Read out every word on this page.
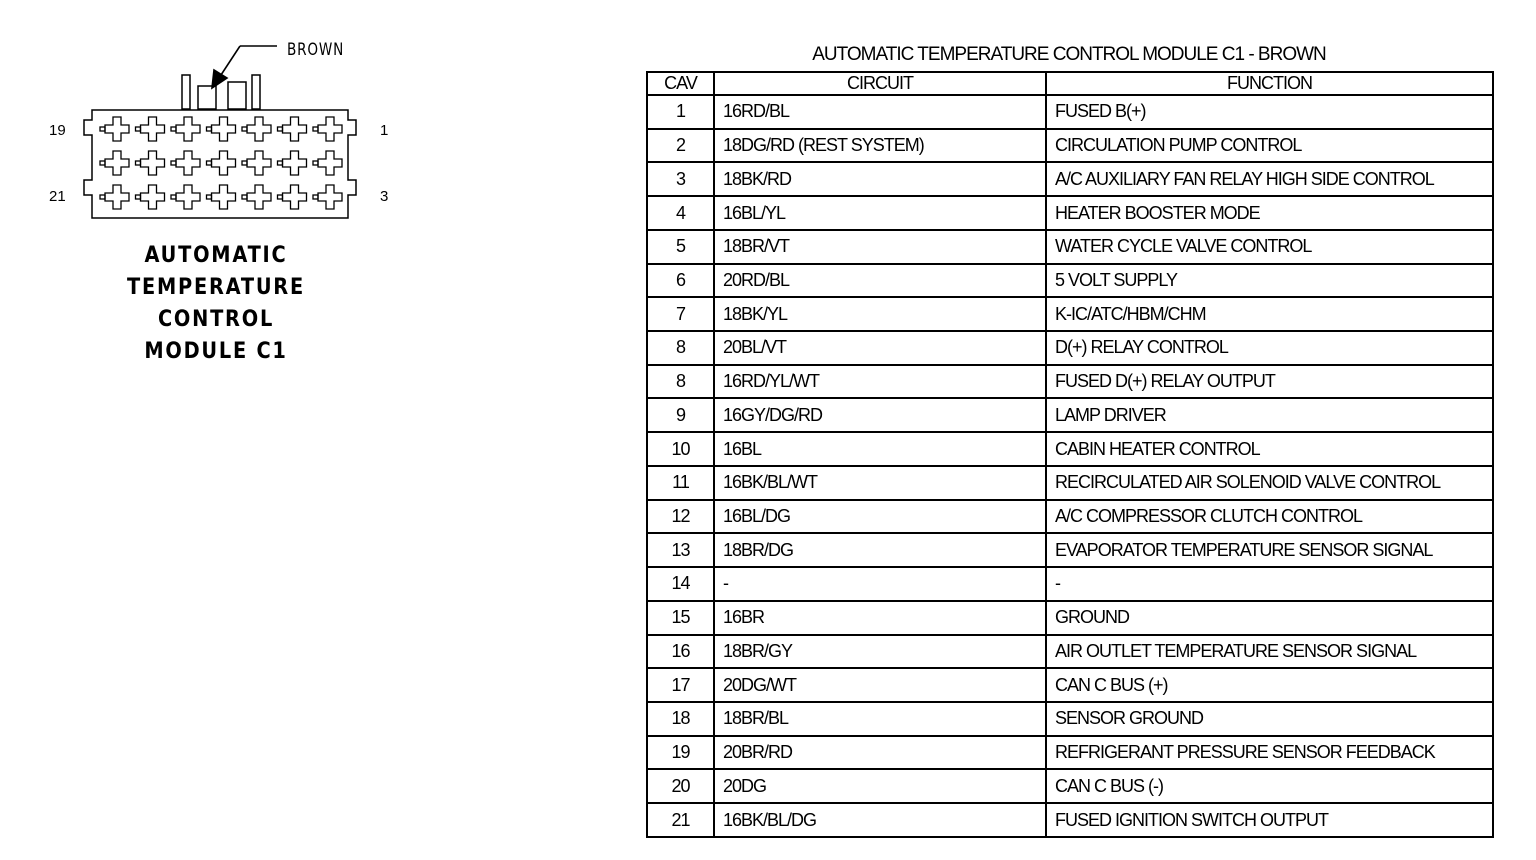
BROWN
19	1
21	3
AUTOMATIC
TEMPERATURE
CONTROL
MODULE C1
AUTOMATIC TEMPERATURE CONTROL MODULE C1 - BROWN
CAV	CIRCUIT	FUNCTION
1	16RD/BL	FUSED B(+)
2	18DG/RD (REST SYSTEM)	CIRCULATION PUMP CONTROL
3	18BK/RD	A/C AUXILIARY FAN RELAY HIGH SIDE CONTROL
4	16BL/YL	HEATER BOOSTER MODE
5	18BR/VT	WATER CYCLE VALVE CONTROL
6	20RD/BL	5 VOLT SUPPLY
7	18BK/YL	K-IC/ATC/HBM/CHM
8	20BL/VT	D(+) RELAY CONTROL
8	16RD/YL/WT	FUSED D(+) RELAY OUTPUT
9	16GY/DG/RD	LAMP DRIVER
10	16BL	CABIN HEATER CONTROL
11	16BK/BL/WT	RECIRCULATED AIR SOLENOID VALVE CONTROL
12	16BL/DG	A/C COMPRESSOR CLUTCH CONTROL
13	18BR/DG	EVAPORATOR TEMPERATURE SENSOR SIGNAL
14	-	-
15	16BR	GROUND
16	18BR/GY	AIR OUTLET TEMPERATURE SENSOR SIGNAL
17	20DG/WT	CAN C BUS (+)
18	18BR/BL	SENSOR GROUND
19	20BR/RD	REFRIGERANT PRESSURE SENSOR FEEDBACK
20	20DG	CAN C BUS (-)
21	16BK/BL/DG	FUSED IGNITION SWITCH OUTPUT
